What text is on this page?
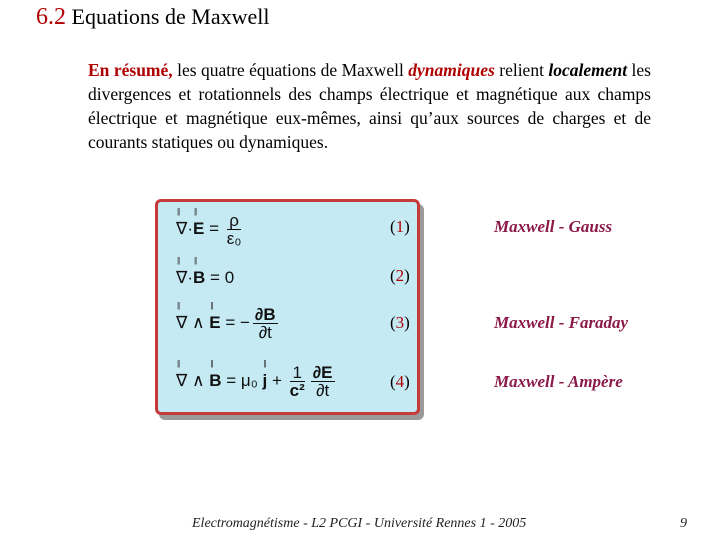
6.2 Equations de Maxwell
En résumé, les quatre équations de Maxwell dynamiques relient localement les divergences et rotationnels des champs électrique et magnétique aux champs électrique et magnétique eux-mêmes, ainsi qu’aux sources de charges et de courants statiques ou dynamiques.
|| ∇·|| $E = \frac{\rho}{\text{ε₀}}$
|| ∇·|| B = 0
|| ∇ ∧ || E = − $\frac{\partial B}{\partial t}$
|| ∇ ∧ || B = μ₀ || $j + \frac{1}{\text{c²}} \frac{\partial E}{\partial t}$
(1)
(2)
(3)
(4)
Maxwell - Gauss
Maxwell - Faraday
Maxwell - Ampère
Electromagnétisme - L2 PCGI - Université Rennes 1 - 2005	9
